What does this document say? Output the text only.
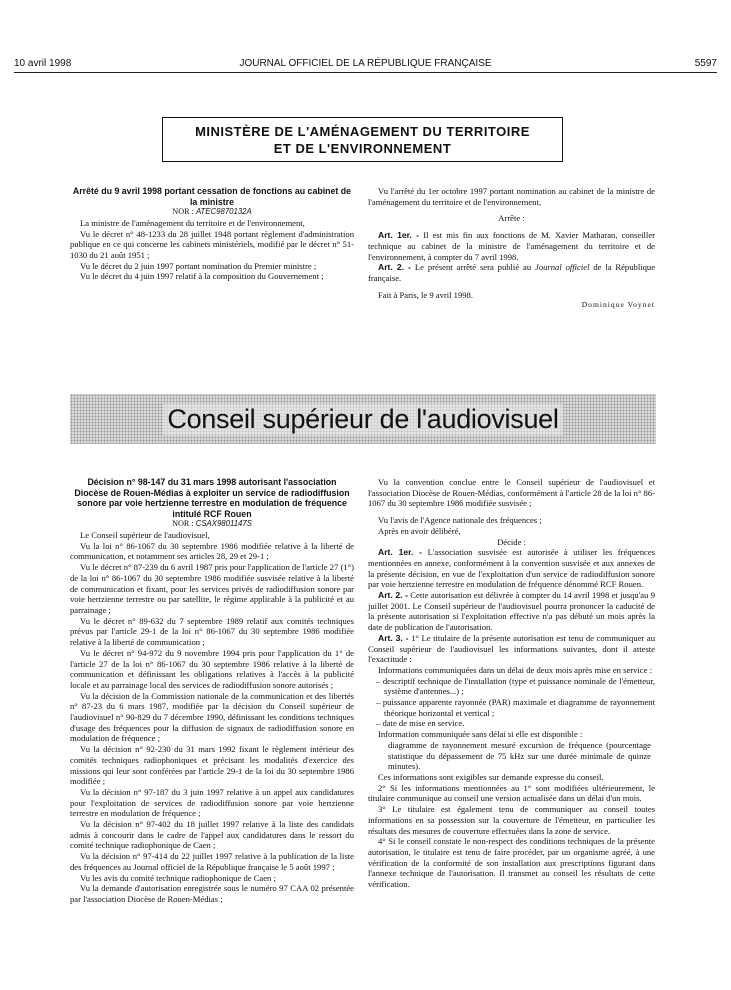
10 avril 1998	JOURNAL OFFICIEL DE LA RÉPUBLIQUE FRANÇAISE	5597
MINISTÈRE DE L'AMÉNAGEMENT DU TERRITOIRE
ET DE L'ENVIRONNEMENT

Arrêté du 9 avril 1998 portant cessation de fonctions au cabinet de la ministre

NOR : ATEC9870132A

La ministre de l'aménagement du territoire et de l'environnement,

Vu le décret n° 48-1233 du 28 juillet 1948 portant règlement d'administration publique en ce qui concerne les cabinets ministériels, modifié par le décret n° 51-1030 du 21 août 1951 ;

Vu le décret du 2 juin 1997 portant nomination du Premier ministre ;

Vu le décret du 4 juin 1997 relatif à la composition du Gouvernement ;

Vu l'arrêté du 1er octobre 1997 portant nomination au cabinet de la ministre de l'aménagement du territoire et de l'environnement,

Arrête :

Art. 1er. - Il est mis fin aux fonctions de M. Xavier Matharan, conseiller technique au cabinet de la ministre de l'aménagement du territoire et de l'environnement, à compter du 7 avril 1998.

Art. 2. - Le présent arrêté sera publié au Journal officiel de la République française.

Fait à Paris, le 9 avril 1998.

Dominique Voynet

Conseil supérieur de l'audiovisuel

Décision n° 98-147 du 31 mars 1998 autorisant l'association Diocèse de Rouen-Médias à exploiter un service de radiodiffusion sonore par voie hertzienne terrestre en modulation de fréquence intitulé RCF Rouen

NOR : CSAX9801147S

Le Conseil supérieur de l'audiovisuel,

Vu la loi n° 86-1067 du 30 septembre 1986 modifiée relative à la liberté de communication, et notamment ses articles 28, 29 et 29-1 ;

Vu le décret n° 87-239 du 6 avril 1987 pris pour l'application de l'article 27 (1°) de la loi n° 86-1067 du 30 septembre 1986 modifiée susvisée relative à la liberté de communication et fixant, pour les services privés de radiodiffusion sonore par voie hertzienne terrestre ou par satellite, le régime applicable à la publicité et au parrainage ;

Vu le décret n° 89-632 du 7 septembre 1989 relatif aux comités techniques prévus par l'article 29-1 de la loi n° 86-1067 du 30 septembre 1986 modifiée relative à la liberté de communication ;

Vu le décret n° 94-972 du 9 novembre 1994 pris pour l'application du 1° de l'article 27 de la loi n° 86-1067 du 30 septembre 1986 relative à la liberté de communication et définissant les obligations relatives à l'accès à la publicité locale et au parrainage local des services de radiodiffusion sonore autorisés ;

Vu la décision de la Commission nationale de la communication et des libertés n° 87-23 du 6 mars 1987, modifiée par la décision du Conseil supérieur de l'audiovisuel n° 90-829 du 7 décembre 1990, définissant les conditions techniques d'usage des fréquences pour la diffusion de signaux de radiodiffusion sonore en modulation de fréquence ;

Vu la décision n° 92-230 du 31 mars 1992 fixant le règlement intérieur des comités techniques radiophoniques et précisant les modalités d'exercice des missions qui leur sont conférées par l'article 29-1 de la loi du 30 septembre 1986 modifiée ;

Vu la décision n° 97-187 du 3 juin 1997 relative à un appel aux candidatures pour l'exploitation de services de radiodiffusion sonore par voie hertzienne terrestre en modulation de fréquence ;

Vu la décision n° 97-402 du 18 juillet 1997 relative à la liste des candidats admis à concourir dans le cadre de l'appel aux candidatures dans le ressort du comité technique radiophonique de Caen ;

Vu la décision n° 97-414 du 22 juillet 1997 relative à la publication de la liste des fréquences au Journal officiel de la République française le 5 août 1997 ;

Vu les avis du comité technique radiophonique de Caen ;

Vu la demande d'autorisation enregistrée sous le numéro 97 CAA 02 présentée par l'association Diocèse de Rouen-Médias ;

Vu la convention conclue entre le Conseil supérieur de l'audiovisuel et l'association Diocèse de Rouen-Médias, conformément à l'article 28 de la loi n° 86-1067 du 30 septembre 1986 modifiée susvisée ;

Vu l'avis de l'Agence nationale des fréquences ;

Après en avoir délibéré,

Décide :

Art. 1er. - L'association susvisée est autorisée à utiliser les fréquences mentionnées en annexe, conformément à la convention susvisée et aux annexes de la présente décision, en vue de l'exploitation d'un service de radiodiffusion sonore par voie hertzienne terrestre en modulation de fréquence dénommé RCF Rouen.

Art. 2. - Cette autorisation est délivrée à compter du 14 avril 1998 et jusqu'au 9 juillet 2001. Le Conseil supérieur de l'audiovisuel pourra prononcer la caducité de la présente autorisation si l'exploitation effective n'a pas débuté un mois après la date de publication de l'autorisation.

Art. 3. - 1° Le titulaire de la présente autorisation est tenu de communiquer au Conseil supérieur de l'audiovisuel les informations suivantes, dont il atteste l'exactitude :

Informations communiquées dans un délai de deux mois après mise en service :

– descriptif technique de l'installation (type et puissance nominale de l'émetteur, système d'antennes...) ;

– puissance apparente rayonnée (PAR) maximale et diagramme de rayonnement théorique horizontal et vertical ;

– date de mise en service.

Information communiquée sans délai si elle est disponible :

diagramme de rayonnement mesuré excursion de fréquence (pourcentage statistique du dépassement de 75 kHz sur une durée minimale de quinze minutes).

Ces informations sont exigibles sur demande expresse du conseil.

2° Si les informations mentionnées au 1° sont modifiées ultérieurement, le titulaire communique au conseil une version actualisée dans un délai d'un mois.

3° Le titulaire est également tenu de communiquer au conseil toutes informations en sa possession sur la couverture de l'émetteur, en particulier les résultats des mesures de couverture effectuées dans la zone de service.

4° Si le conseil constate le non-respect des conditions techniques de la présente autorisation, le titulaire est tenu de faire procéder, par un organisme agréé, à une vérification de la conformité de son installation aux prescriptions figurant dans l'annexe technique de l'autorisation. Il transmet au conseil les résultats de cette vérification.
